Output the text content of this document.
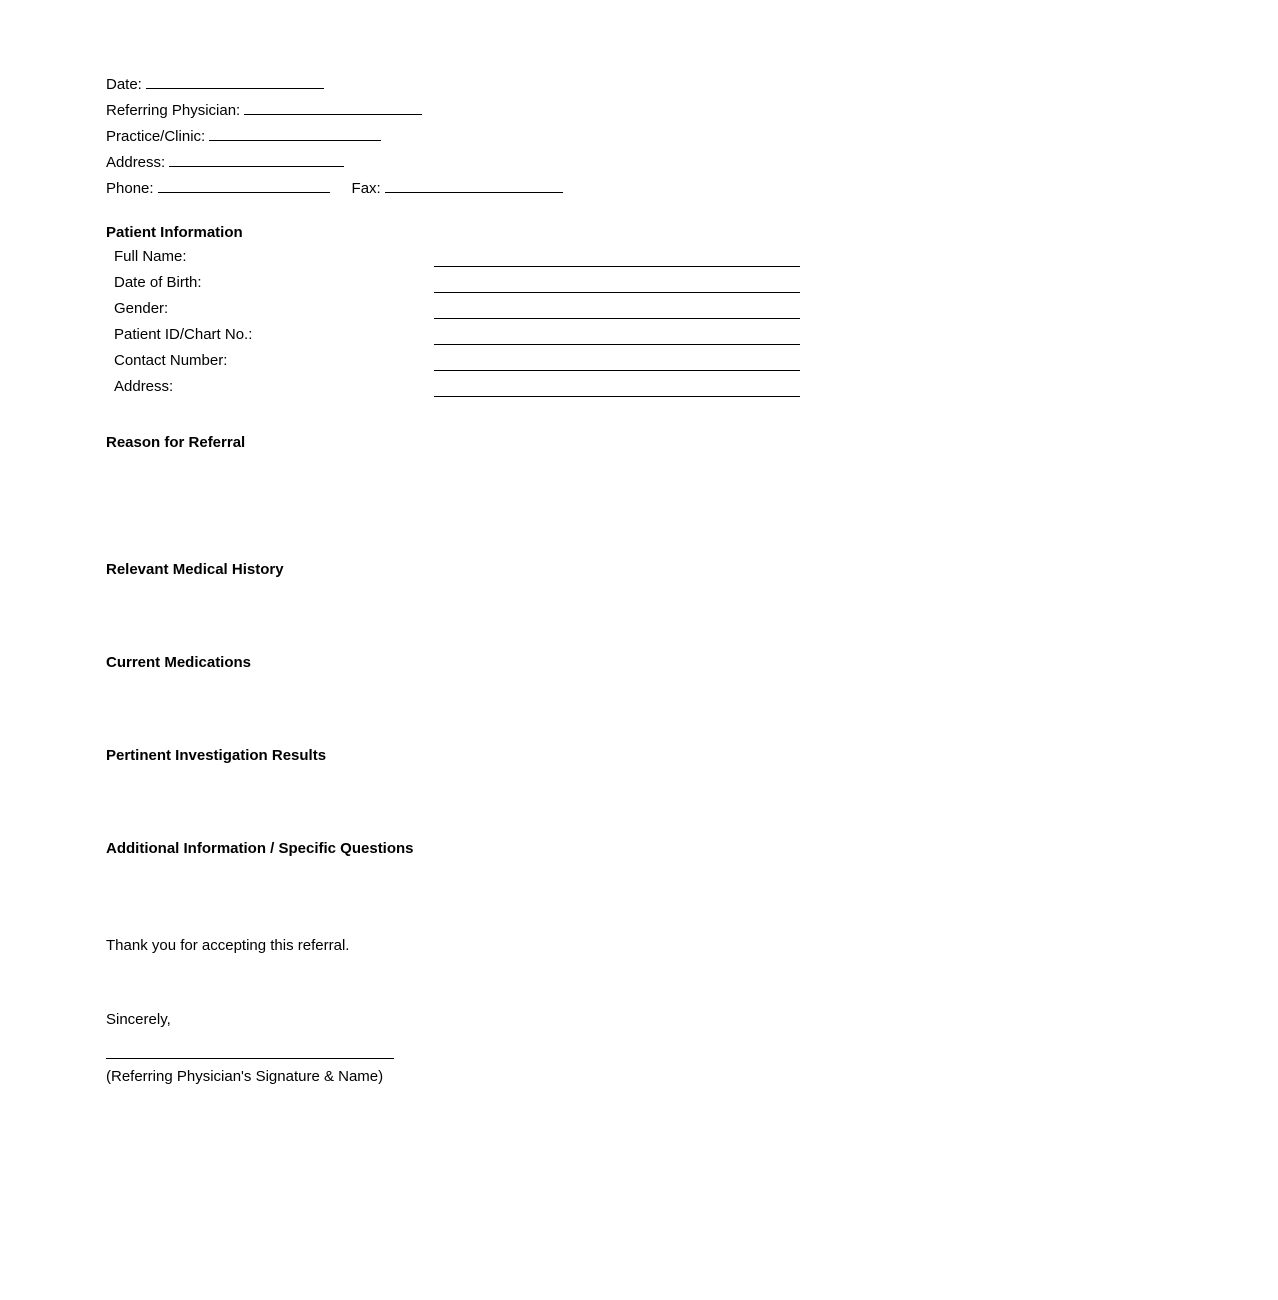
Date:
Referring Physician:
Practice/Clinic:
Address:
Phone:	Fax:
Patient Information
Full Name:
Date of Birth:
Gender:
Patient ID/Chart No.:
Contact Number:
Address:
Reason for Referral
Relevant Medical History
Current Medications
Pertinent Investigation Results
Additional Information / Specific Questions
Thank you for accepting this referral.
Sincerely,
(Referring Physician's Signature & Name)
